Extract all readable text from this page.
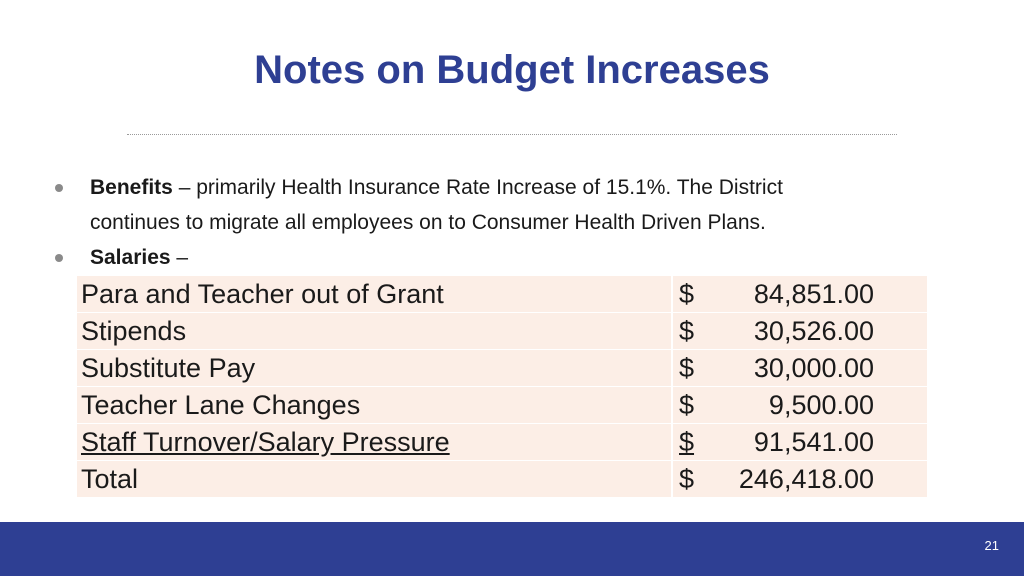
Notes on Budget Increases
Benefits – primarily Health Insurance Rate Increase of 15.1%. The District
continues to migrate all employees on to Consumer Health Driven Plans.
Salaries –
Para and Teacher out of Grant	$ 84,851.00
Stipends	$ 30,526.00
Substitute Pay	$ 30,000.00
Teacher Lane Changes	$ 9,500.00
Staff Turnover/Salary Pressure	$ 91,541.00
Total	$ 246,418.00
21
